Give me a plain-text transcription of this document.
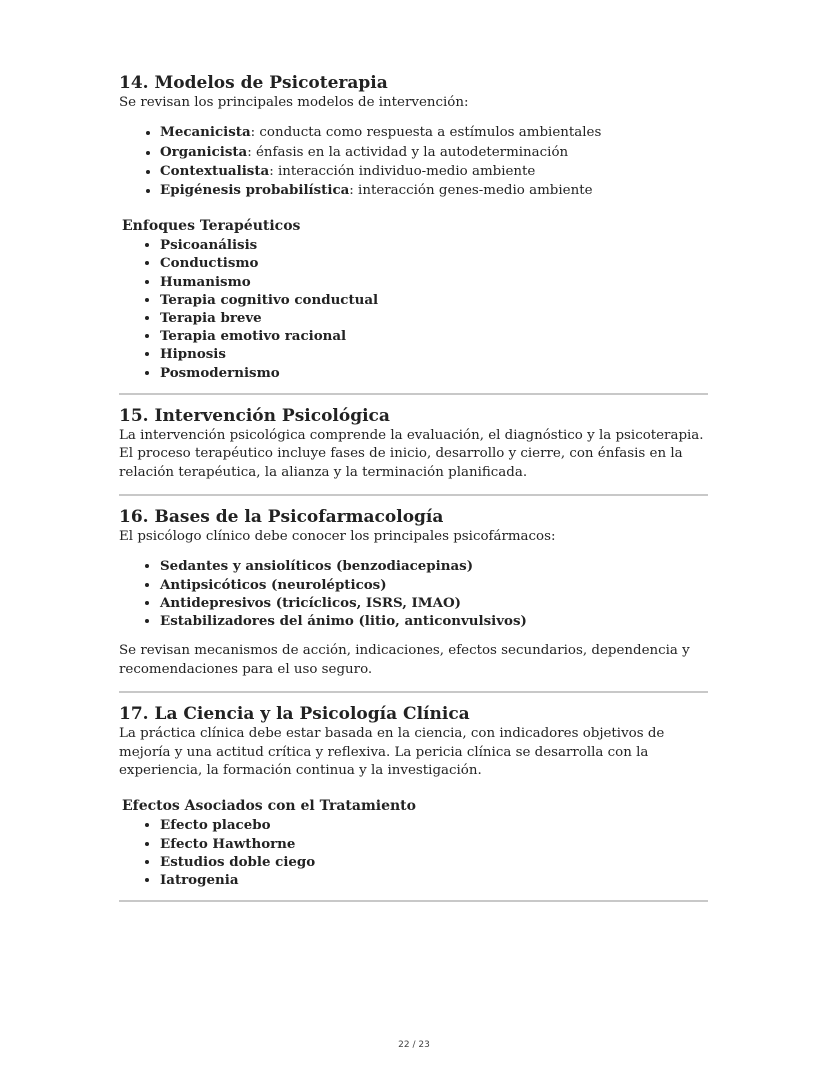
14. Modelos de Psicoterapia

Se revisan los principales modelos de intervención:

• Mecanicista: conducta como respuesta a estímulos ambientales
• Organicista: énfasis en la actividad y la autodeterminación
• Contextualista: interacción individuo-medio ambiente
• Epigénesis probabilística: interacción genes-medio ambiente
Enfoques Terapéuticos
• Psicoanálisis
• Conductismo
• Humanismo
• Terapia cognitivo conductual
• Terapia breve
• Terapia emotivo racional
• Hipnosis
• Posmodernismo
15. Intervención Psicológica

La intervención psicológica comprende la evaluación, el diagnóstico y la psicoterapia. El proceso terapéutico incluye fases de inicio, desarrollo y cierre, con énfasis en la relación terapéutica, la alianza y la terminación planificada.

16. Bases de la Psicofarmacología

El psicólogo clínico debe conocer los principales psicofármacos:

• Sedantes y ansiolíticos (benzodiacepinas)
• Antipsicóticos (neurolépticos)
• Antidepresivos (tricíclicos, ISRS, IMAO)
• Estabilizadores del ánimo (litio, anticonvulsivos)

Se revisan mecanismos de acción, indicaciones, efectos secundarios, dependencia y recomendaciones para el uso seguro.

17. La Ciencia y la Psicología Clínica

La práctica clínica debe estar basada en la ciencia, con indicadores objetivos de mejoría y una actitud crítica y reflexiva. La pericia clínica se desarrolla con la experiencia, la formación continua y la investigación.

Efectos Asociados con el Tratamiento
• Efecto placebo
• Efecto Hawthorne
• Estudios doble ciego
• Iatrogenia
22 / 23
